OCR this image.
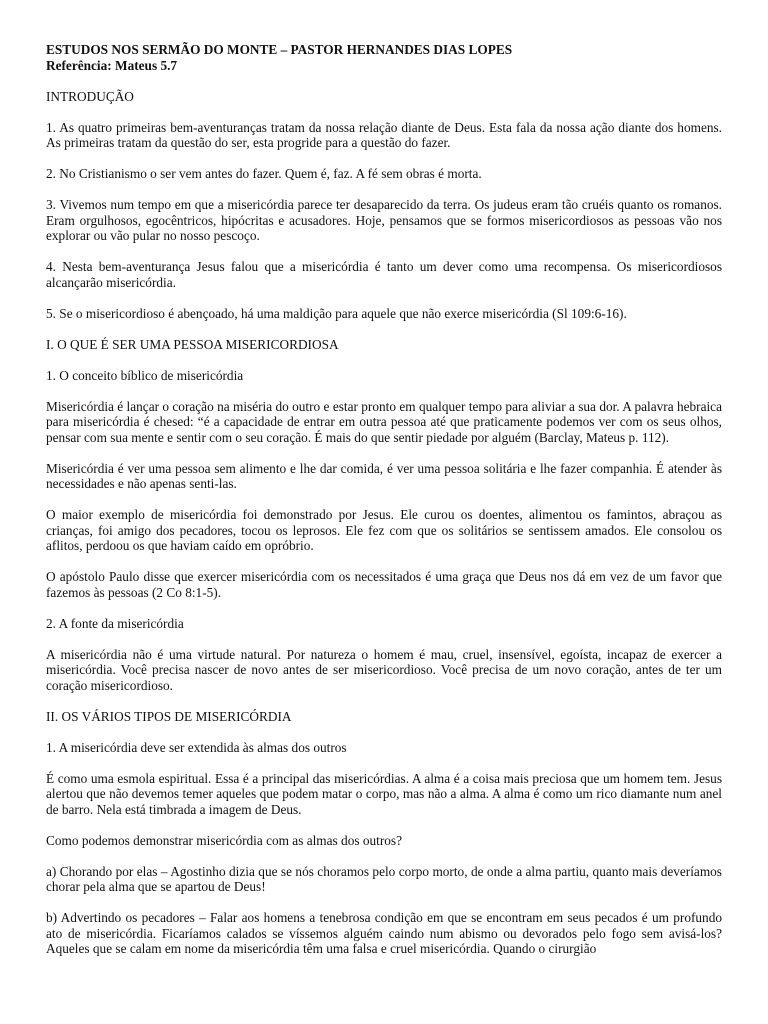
ESTUDOS NOS SERMÃO DO MONTE – PASTOR HERNANDES DIAS LOPES
Referência: Mateus 5.7

INTRODUÇÃO

1. As quatro primeiras bem-aventuranças tratam da nossa relação diante de Deus. Esta fala da nossa ação diante dos homens. As primeiras tratam da questão do ser, esta progride para a questão do fazer.

2. No Cristianismo o ser vem antes do fazer. Quem é, faz. A fé sem obras é morta.

3. Vivemos num tempo em que a misericórdia parece ter desaparecido da terra. Os judeus eram tão cruéis quanto os romanos. Eram orgulhosos, egocêntricos, hipócritas e acusadores. Hoje, pensamos que se formos misericordiosos as pessoas vão nos explorar ou vão pular no nosso pescoço.

4. Nesta bem-aventurança Jesus falou que a misericórdia é tanto um dever como uma recompensa. Os misericordiosos alcançarão misericórdia.

5. Se o misericordioso é abençoado, há uma maldição para aquele que não exerce misericórdia (Sl 109:6-16).

I. O QUE É SER UMA PESSOA MISERICORDIOSA

1. O conceito bíblico de misericórdia

Misericórdia é lançar o coração na miséria do outro e estar pronto em qualquer tempo para aliviar a sua dor. A palavra hebraica para misericórdia é chesed: “é a capacidade de entrar em outra pessoa até que praticamente podemos ver com os seus olhos, pensar com sua mente e sentir com o seu coração. É mais do que sentir piedade por alguém (Barclay, Mateus p. 112).

Misericórdia é ver uma pessoa sem alimento e lhe dar comida, é ver uma pessoa solitária e lhe fazer companhia. É atender às necessidades e não apenas senti-las.

O maior exemplo de misericórdia foi demonstrado por Jesus. Ele curou os doentes, alimentou os famintos, abraçou as crianças, foi amigo dos pecadores, tocou os leprosos. Ele fez com que os solitários se sentissem amados. Ele consolou os aflitos, perdoou os que haviam caído em opróbrio.

O apóstolo Paulo disse que exercer misericórdia com os necessitados é uma graça que Deus nos dá em vez de um favor que fazemos às pessoas (2 Co 8:1-5).

2. A fonte da misericórdia

A misericórdia não é uma virtude natural. Por natureza o homem é mau, cruel, insensível, egoísta, incapaz de exercer a misericórdia. Você precisa nascer de novo antes de ser misericordioso. Você precisa de um novo coração, antes de ter um coração misericordioso.

II. OS VÁRIOS TIPOS DE MISERICÓRDIA

1. A misericórdia deve ser extendida às almas dos outros

É como uma esmola espiritual. Essa é a principal das misericórdias. A alma é a coisa mais preciosa que um homem tem. Jesus alertou que não devemos temer aqueles que podem matar o corpo, mas não a alma. A alma é como um rico diamante num anel de barro. Nela está timbrada a imagem de Deus.

Como podemos demonstrar misericórdia com as almas dos outros?

a) Chorando por elas – Agostinho dizia que se nós choramos pelo corpo morto, de onde a alma partiu, quanto mais deveríamos chorar pela alma que se apartou de Deus!

b) Advertindo os pecadores – Falar aos homens a tenebrosa condição em que se encontram em seus pecados é um profundo ato de misericórdia. Ficaríamos calados se víssemos alguém caindo num abismo ou devorados pelo fogo sem avisá-los? Aqueles que se calam em nome da misericórdia têm uma falsa e cruel misericórdia. Quando o cirurgião
